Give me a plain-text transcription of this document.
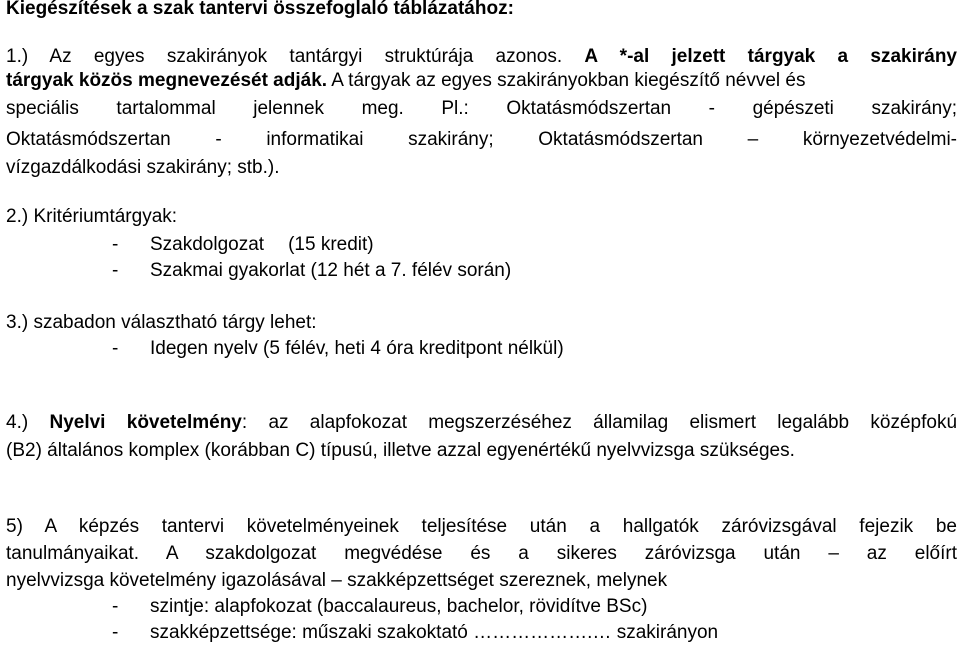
Kiegészítések a szak tantervi összefoglaló táblázatához:
1.) Az egyes szakirányok tantárgyi struktúrája azonos. A *-al jelzett tárgyak a szakirány
tárgyak közös megnevezését adják. A tárgyak az egyes szakirányokban kiegészítő névvel és
speciális tartalommal jelennek meg. Pl.: Oktatásmódszertan - gépészeti szakirány;
Oktatásmódszertan - informatikai szakirány; Oktatásmódszertan – környezetvédelmi-
vízgazdálkodási szakirány; stb.).
2.) Kritériumtárgyak:
- Szakdolgozat (15 kredit)
- Szakmai gyakorlat (12 hét a 7. félév során)
3.) szabadon választható tárgy lehet:
- Idegen nyelv (5 félév, heti 4 óra kreditpont nélkül)
4.) Nyelvi követelmény: az alapfokozat megszerzéséhez államilag elismert legalább középfokú
(B2) általános komplex (korábban C) típusú, illetve azzal egyenértékű nyelvvizsga szükséges.
5) A képzés tantervi követelményeinek teljesítése után a hallgatók záróvizsgával fejezik be
tanulmányaikat. A szakdolgozat megvédése és a sikeres záróvizsga után – az előírt
nyelvvizsga követelmény igazolásával – szakképzettséget szereznek, melynek
- szintje: alapfokozat (baccalaureus, bachelor, rövidítve BSc)
- szakképzettsége: műszaki szakoktató ……………….… szakirányon
